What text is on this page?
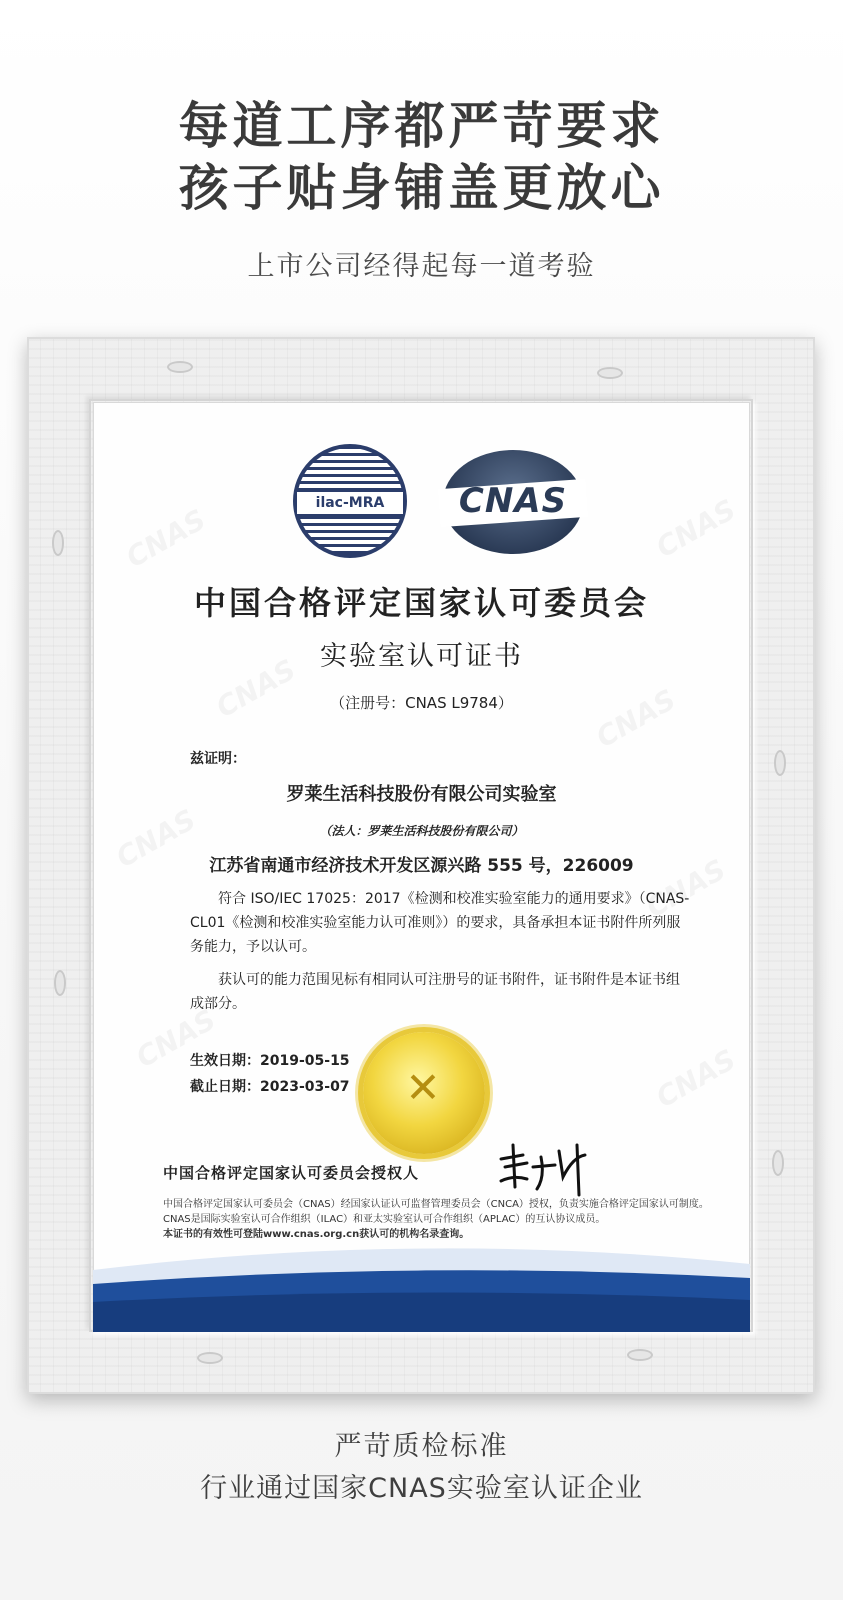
每道工序都严苛要求
孩子贴身铺盖更放心
上市公司经得起每一道考验
ilac-MRA	CNAS
中国合格评定国家认可委员会
实验室认可证书
（注册号：CNAS L9784）
兹证明：
罗莱生活科技股份有限公司实验室
（法人：罗莱生活科技股份有限公司）
江苏省南通市经济技术开发区源兴路 555 号，226009
符合 ISO/IEC 17025：2017《检测和校准实验室能力的通用要求》（CNAS-CL01《检测和校准实验室能力认可准则》）的要求，具备承担本证书附件所列服务能力，予以认可。
获认可的能力范围见标有相同认可注册号的证书附件，证书附件是本证书组成部分。
生效日期：2019-05-15
截止日期：2023-03-07 ✕
中国合格评定国家认可委员会授权人
中国合格评定国家认可委员会（CNAS）经国家认证认可监督管理委员会（CNCA）授权，负责实施合格评定国家认可制度。
CNAS是国际实验室认可合作组织（ILAC）和亚太实验室认可合作组织（APLAC）的互认协议成员。
本证书的有效性可登陆www.cnas.org.cn获认可的机构名录查询。
严苛质检标准
行业通过国家CNAS实验室认证企业
